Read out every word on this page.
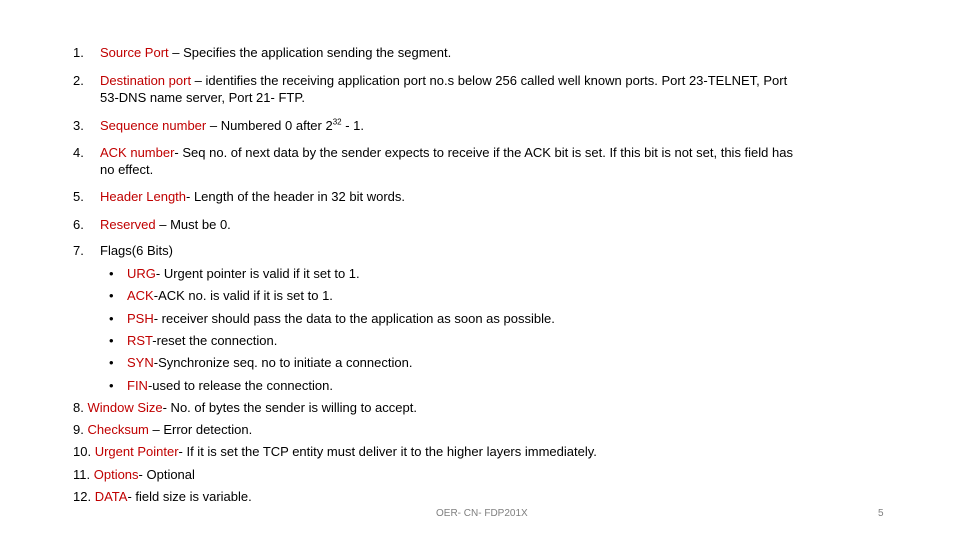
1. Source Port – Specifies the application sending the segment.
2. Destination port – identifies the receiving application port no.s below 256 called well known ports. Port 23-TELNET, Port
53-DNS name server, Port 21- FTP.
3. Sequence number – Numbered 0 after $2^{32} - 1$.
4. ACK number- Seq no. of next data by the sender expects to receive if the ACK bit is set. If this bit is not set, this field has
no effect.
5. Header Length- Length of the header in 32 bit words.
6. Reserved – Must be 0.
7. Flags(6 Bits)
• URG- Urgent pointer is valid if it set to 1.
• ACK-ACK no. is valid if it is set to 1.
• PSH- receiver should pass the data to the application as soon as possible.
• RST-reset the connection.
• SYN-Synchronize seq. no to initiate a connection.
• FIN-used to release the connection.
8. Window Size- No. of bytes the sender is willing to accept.
9. Checksum – Error detection.
10. Urgent Pointer- If it is set the TCP entity must deliver it to the higher layers immediately.
11. Options- Optional
12. DATA- field size is variable.
OER- CN- FDP201X	5
